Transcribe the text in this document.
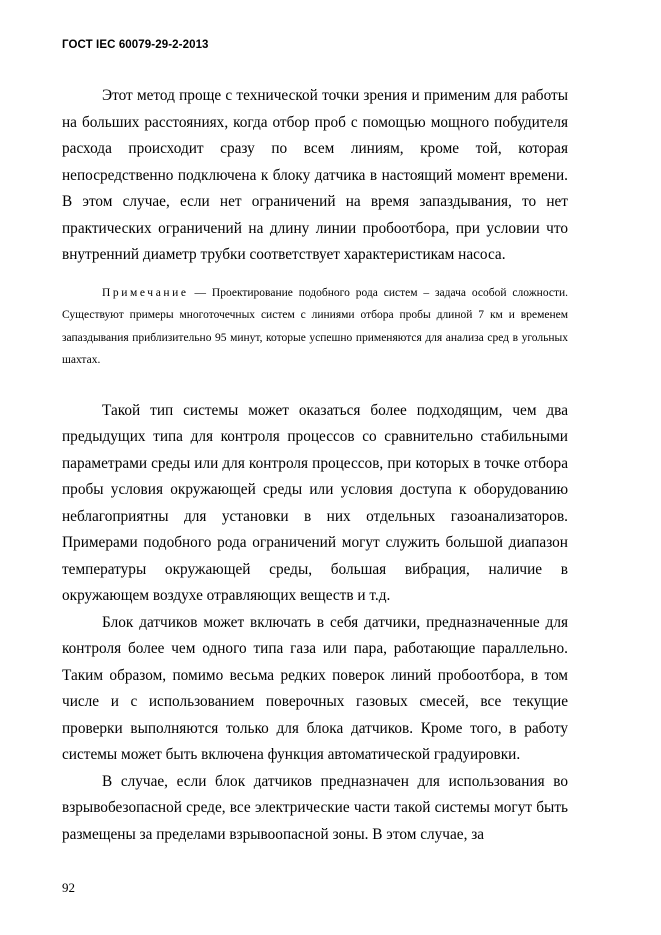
ГОСТ IEC 60079-29-2-2013

Этот метод проще с технической точки зрения и применим для работы на больших расстояниях, когда отбор проб с помощью мощного побудителя расхода происходит сразу по всем линиям, кроме той, которая непосредственно подключена к блоку датчика в настоящий момент времени. В этом случае, если нет ограничений на время запаздывания, то нет практических ограничений на длину линии пробоотбора, при условии что внутренний диаметр трубки соответствует характеристикам насоса.

Примечание — Проектирование подобного рода систем – задача особой сложности. Существуют примеры многоточечных систем с линиями отбора пробы длиной 7 км и временем запаздывания приблизительно 95 минут, которые успешно применяются для анализа сред в угольных шахтах.

Такой тип системы может оказаться более подходящим, чем два предыдущих типа для контроля процессов со сравнительно стабильными параметрами среды или для контроля процессов, при которых в точке отбора пробы условия окружающей среды или условия доступа к оборудованию неблагоприятны для установки в них отдельных газоанализаторов. Примерами подобного рода ограничений могут служить большой диапазон температуры окружающей среды, большая вибрация, наличие в окружающем воздухе отравляющих веществ и т.д.

Блок датчиков может включать в себя датчики, предназначенные для контроля более чем одного типа газа или пара, работающие параллельно. Таким образом, помимо весьма редких поверок линий пробоотбора, в том числе и с использованием поверочных газовых смесей, все текущие проверки выполняются только для блока датчиков. Кроме того, в работу системы может быть включена функция автоматической градуировки.

В случае, если блок датчиков предназначен для использования во взрывобезопасной среде, все электрические части такой системы могут быть размещены за пределами взрывоопасной зоны. В этом случае, за

92
